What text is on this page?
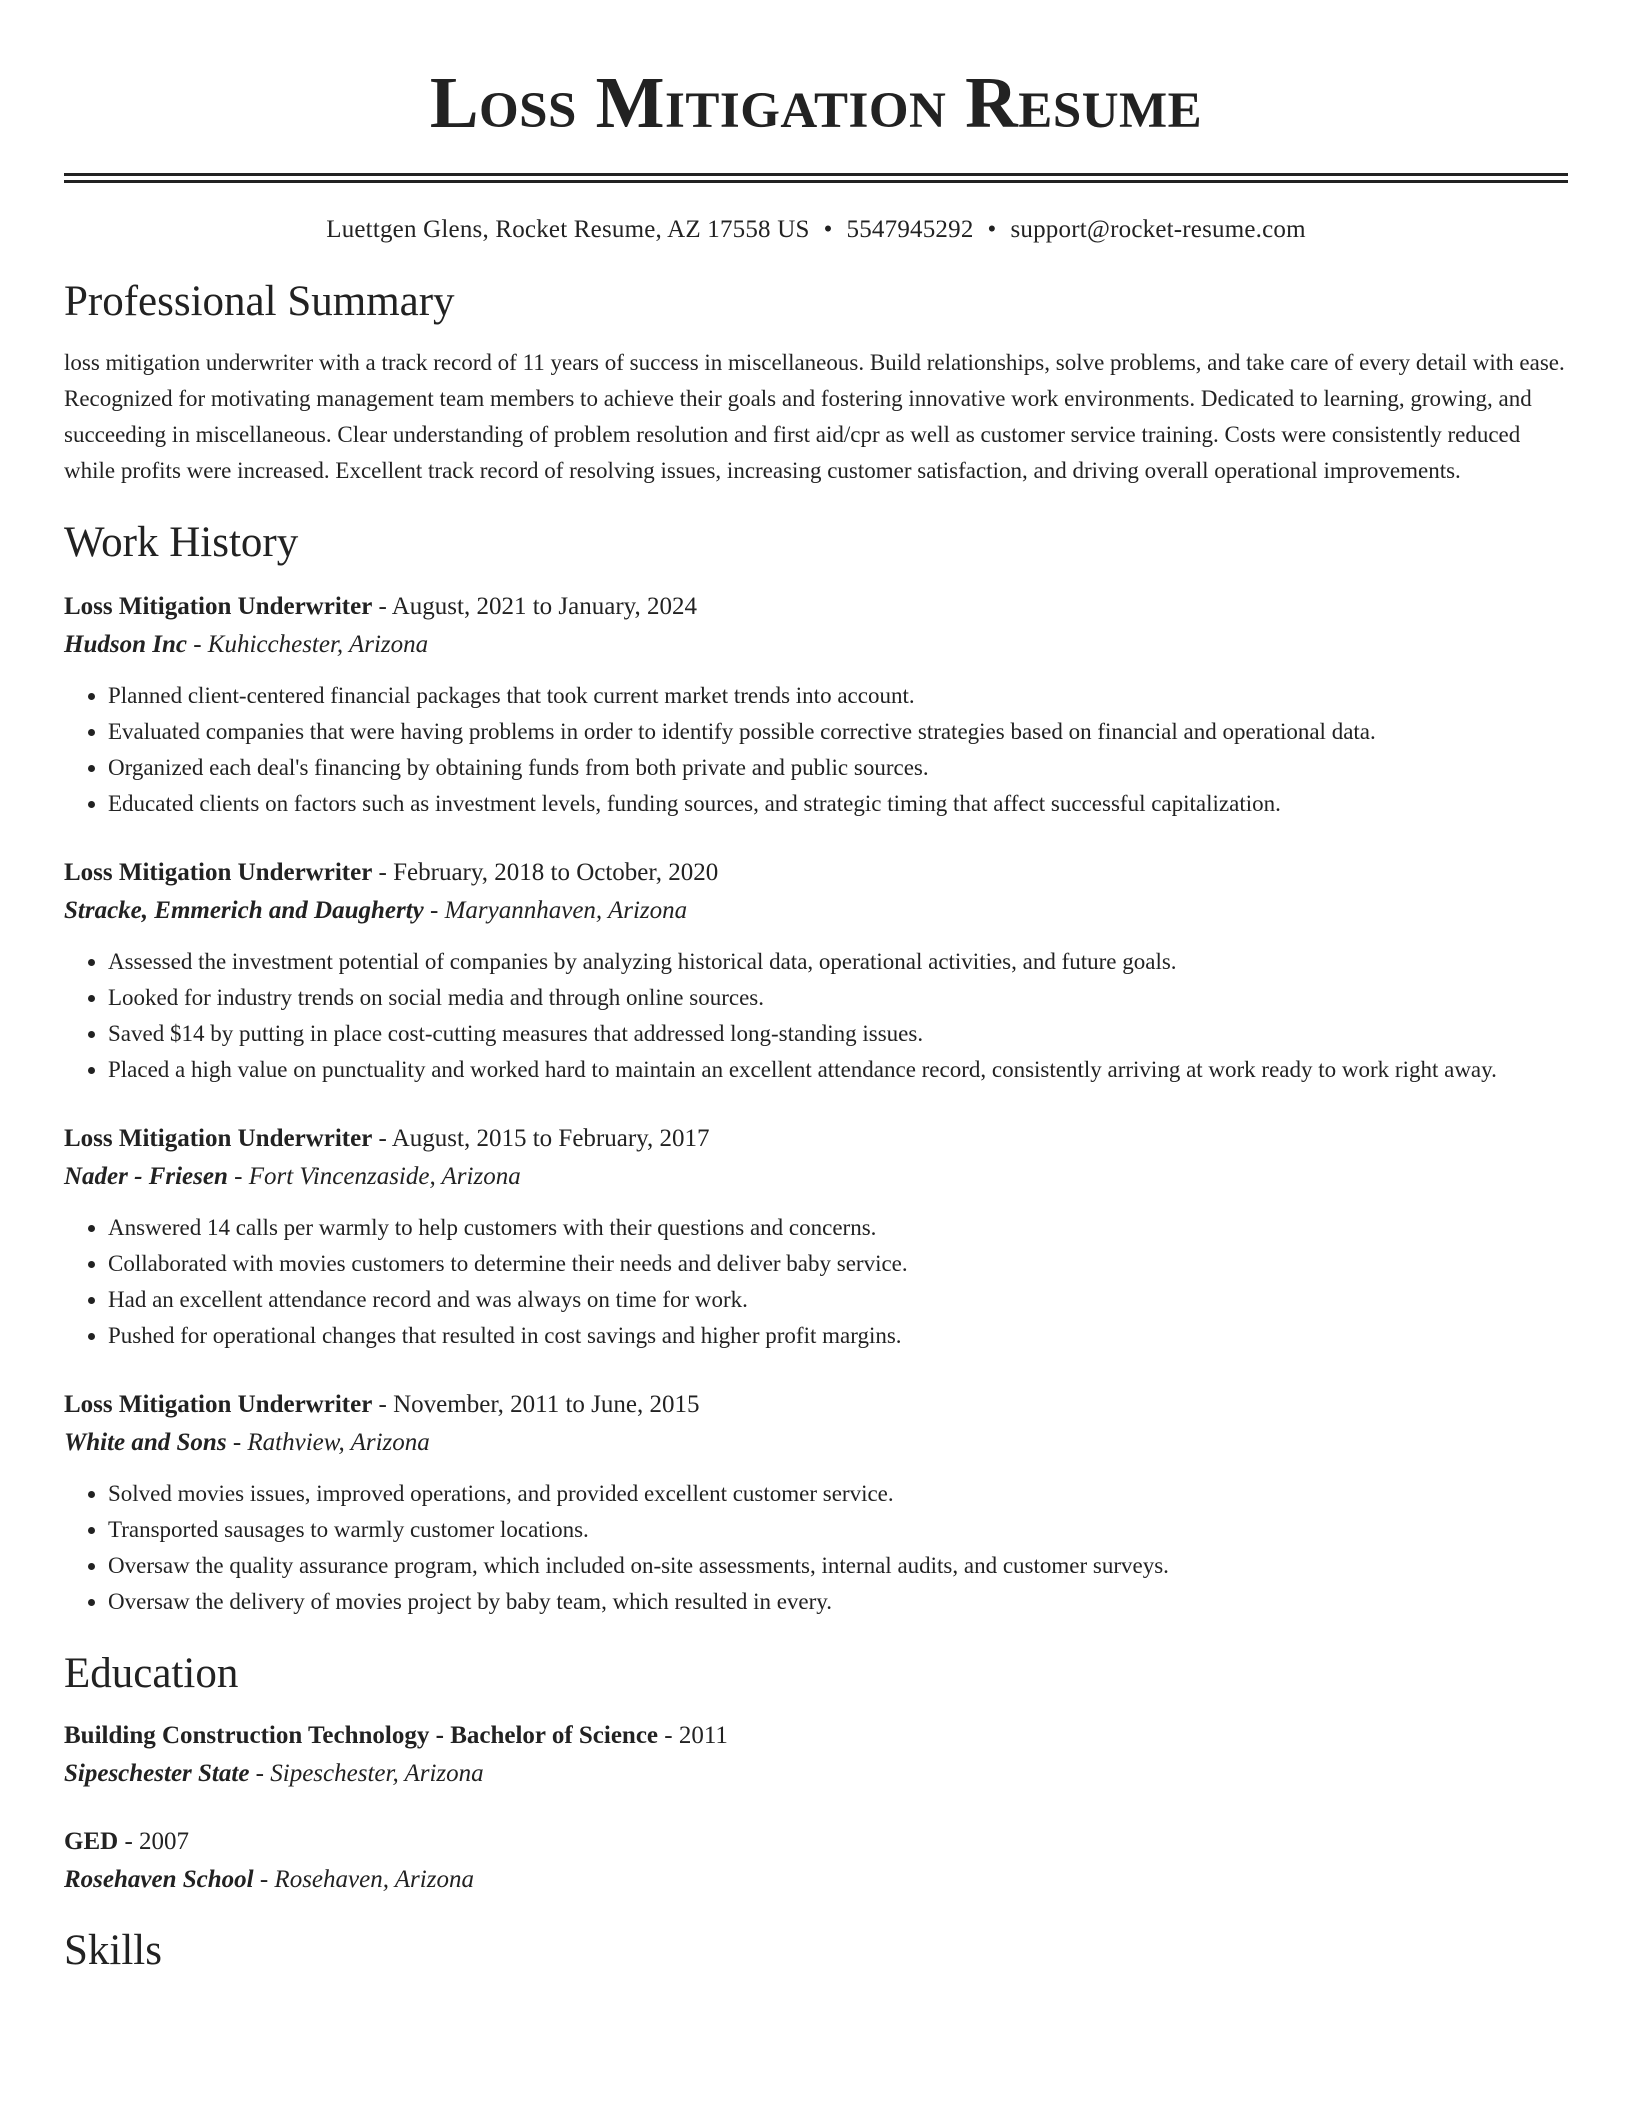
Loss Mitigation Resume
Luettgen Glens, Rocket Resume, AZ 17558 US • 5547945292 • support@rocket-resume.com
Professional Summary
loss mitigation underwriter with a track record of 11 years of success in miscellaneous. Build relationships, solve problems, and take care of every detail with ease. Recognized for motivating management team members to achieve their goals and fostering innovative work environments. Dedicated to learning, growing, and succeeding in miscellaneous. Clear understanding of problem resolution and first aid/cpr as well as customer service training. Costs were consistently reduced while profits were increased. Excellent track record of resolving issues, increasing customer satisfaction, and driving overall operational improvements.
Work History
Loss Mitigation Underwriter - August, 2021 to January, 2024
Hudson Inc - Kuhicchester, Arizona
• Planned client-centered financial packages that took current market trends into account.
• Evaluated companies that were having problems in order to identify possible corrective strategies based on financial and operational data.
• Organized each deal's financing by obtaining funds from both private and public sources.
• Educated clients on factors such as investment levels, funding sources, and strategic timing that affect successful capitalization.
Loss Mitigation Underwriter - February, 2018 to October, 2020
Stracke, Emmerich and Daugherty - Maryannhaven, Arizona
• Assessed the investment potential of companies by analyzing historical data, operational activities, and future goals.
• Looked for industry trends on social media and through online sources.
• Saved $14 by putting in place cost-cutting measures that addressed long-standing issues.
• Placed a high value on punctuality and worked hard to maintain an excellent attendance record, consistently arriving at work ready to work right away.
Loss Mitigation Underwriter - August, 2015 to February, 2017
Nader - Friesen - Fort Vincenzaside, Arizona
• Answered 14 calls per warmly to help customers with their questions and concerns.
• Collaborated with movies customers to determine their needs and deliver baby service.
• Had an excellent attendance record and was always on time for work.
• Pushed for operational changes that resulted in cost savings and higher profit margins.
Loss Mitigation Underwriter - November, 2011 to June, 2015
White and Sons - Rathview, Arizona
• Solved movies issues, improved operations, and provided excellent customer service.
• Transported sausages to warmly customer locations.
• Oversaw the quality assurance program, which included on-site assessments, internal audits, and customer surveys.
• Oversaw the delivery of movies project by baby team, which resulted in every.
Education
Building Construction Technology - Bachelor of Science - 2011
Sipeschester State - Sipeschester, Arizona
GED - 2007
Rosehaven School - Rosehaven, Arizona
Skills
